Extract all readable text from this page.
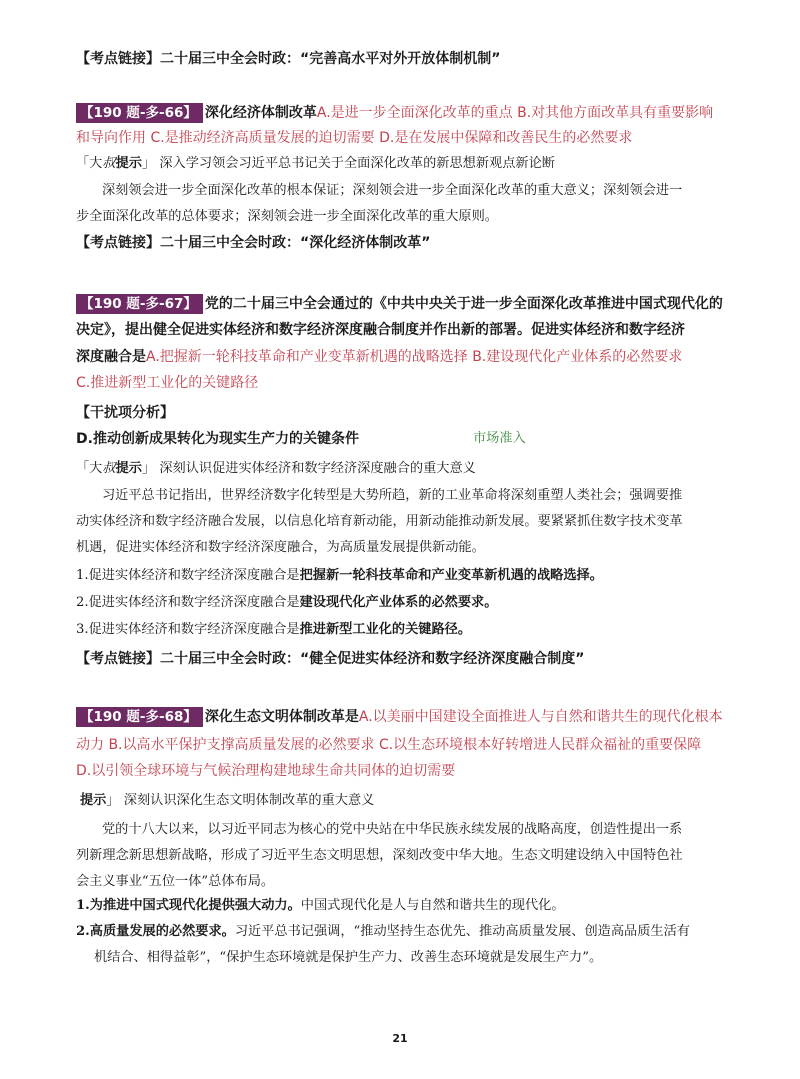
【考点链接】二十届三中全会时政：“完善高水平对外开放体制机制”
【190 题-多-66】 深化经济体制改革A.是进一步全面深化改革的重点 B.对其他方面改革具有重要影响
和导向作用 C.是推动经济高质量发展的迫切需要 D.是在发展中保障和改善民生的必然要求
「大叔提示」 深入学习领会习近平总书记关于全面深化改革的新思想新观点新论断
深刻领会进一步全面深化改革的根本保证；深刻领会进一步全面深化改革的重大意义；深刻领会进一
步全面深化改革的总体要求；深刻领会进一步全面深化改革的重大原则。
【考点链接】二十届三中全会时政：“深化经济体制改革”
【190 题-多-67】 党的二十届三中全会通过的《中共中央关于进一步全面深化改革推进中国式现代化的
决定》，提出健全促进实体经济和数字经济深度融合制度并作出新的部署。促进实体经济和数字经济
深度融合是A.把握新一轮科技革命和产业变革新机遇的战略选择 B.建设现代化产业体系的必然要求
C.推进新型工业化的关键路径
【干扰项分析】
D.推动创新成果转化为现实生产力的关键条件	市场准入
「大叔提示」 深刻认识促进实体经济和数字经济深度融合的重大意义
习近平总书记指出，世界经济数字化转型是大势所趋，新的工业革命将深刻重塑人类社会；强调要推
动实体经济和数字经济融合发展，以信息化培育新动能，用新动能推动新发展。要紧紧抓住数字技术变革
机遇，促进实体经济和数字经济深度融合，为高质量发展提供新动能。
1.促进实体经济和数字经济深度融合是把握新一轮科技革命和产业变革新机遇的战略选择。
2.促进实体经济和数字经济深度融合是建设现代化产业体系的必然要求。
3.促进实体经济和数字经济深度融合是推进新型工业化的关键路径。
【考点链接】二十届三中全会时政：“健全促进实体经济和数字经济深度融合制度”
【190 题-多-68】 深化生态文明体制改革是A.以美丽中国建设全面推进人与自然和谐共生的现代化根本
动力 B.以高水平保护支撑高质量发展的必然要求 C.以生态环境根本好转增进人民群众福祉的重要保障
D.以引领全球环境与气候治理构建地球生命共同体的迫切需要
提示」 深刻认识深化生态文明体制改革的重大意义
党的十八大以来，以习近平同志为核心的党中央站在中华民族永续发展的战略高度，创造性提出一系
列新理念新思想新战略，形成了习近平生态文明思想，深刻改变中华大地。生态文明建设纳入中国特色社
会主义事业“五位一体”总体布局。
1.为推进中国式现代化提供强大动力。中国式现代化是人与自然和谐共生的现代化。
2.高质量发展的必然要求。习近平总书记强调，“推动坚持生态优先、推动高质量发展、创造高品质生活有
机结合、相得益彰”，“保护生态环境就是保护生产力、改善生态环境就是发展生产力”。
21
